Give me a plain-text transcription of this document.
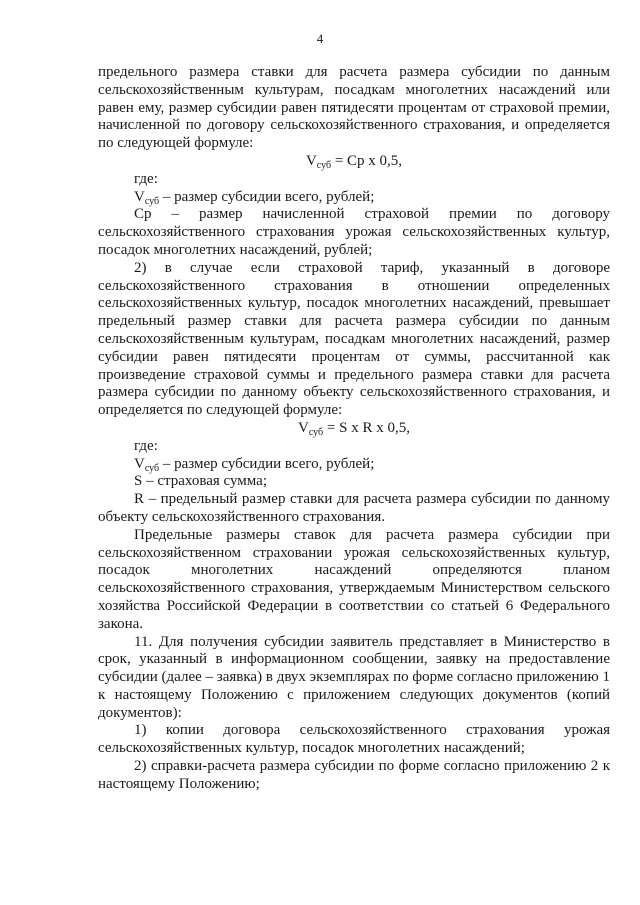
4

предельного размера ставки для расчета размера субсидии по данным сельскохозяйственным культурам, посадкам многолетних насаждений или равен ему, размер субсидии равен пятидесяти процентам от страховой премии, начисленной по договору сельскохозяйственного страхования, и определяется по следующей формуле:

$V_{суб}$ = Ср х 0,5,

где:

$V_{суб}$ – размер субсидии всего, рублей;

Ср – размер начисленной страховой премии по договору сельскохозяйственного страхования урожая сельскохозяйственных культур, посадок многолетних насаждений, рублей;

2) в случае если страховой тариф, указанный в договоре сельскохозяйственного страхования в отношении определенных сельскохозяйственных культур, посадок многолетних насаждений, превышает предельный размер ставки для расчета размера субсидии по данным сельскохозяйственным культурам, посадкам многолетних насаждений, размер субсидии равен пятидесяти процентам от суммы, рассчитанной как произведение страховой суммы и предельного размера ставки для расчета размера субсидии по данному объекту сельскохозяйственного страхования, и определяется по следующей формуле:

$V_{суб} = S$ х R х 0,5,

где:

$V_{суб}$ – размер субсидии всего, рублей;

S – страховая сумма;

R – предельный размер ставки для расчета размера субсидии по данному объекту сельскохозяйственного страхования.

Предельные размеры ставок для расчета размера субсидии при сельскохозяйственном страховании урожая сельскохозяйственных культур, посадок многолетних насаждений определяются планом сельскохозяйственного страхования, утверждаемым Министерством сельского хозяйства Российской Федерации в соответствии со статьей 6 Федерального закона.

11. Для получения субсидии заявитель представляет в Министерство в срок, указанный в информационном сообщении, заявку на предоставление субсидии (далее – заявка) в двух экземплярах по форме согласно приложению 1 к настоящему Положению с приложением следующих документов (копий документов):

1) копии договора сельскохозяйственного страхования урожая сельскохозяйственных культур, посадок многолетних насаждений;

2) справки-расчета размера субсидии по форме согласно приложению 2 к настоящему Положению;
